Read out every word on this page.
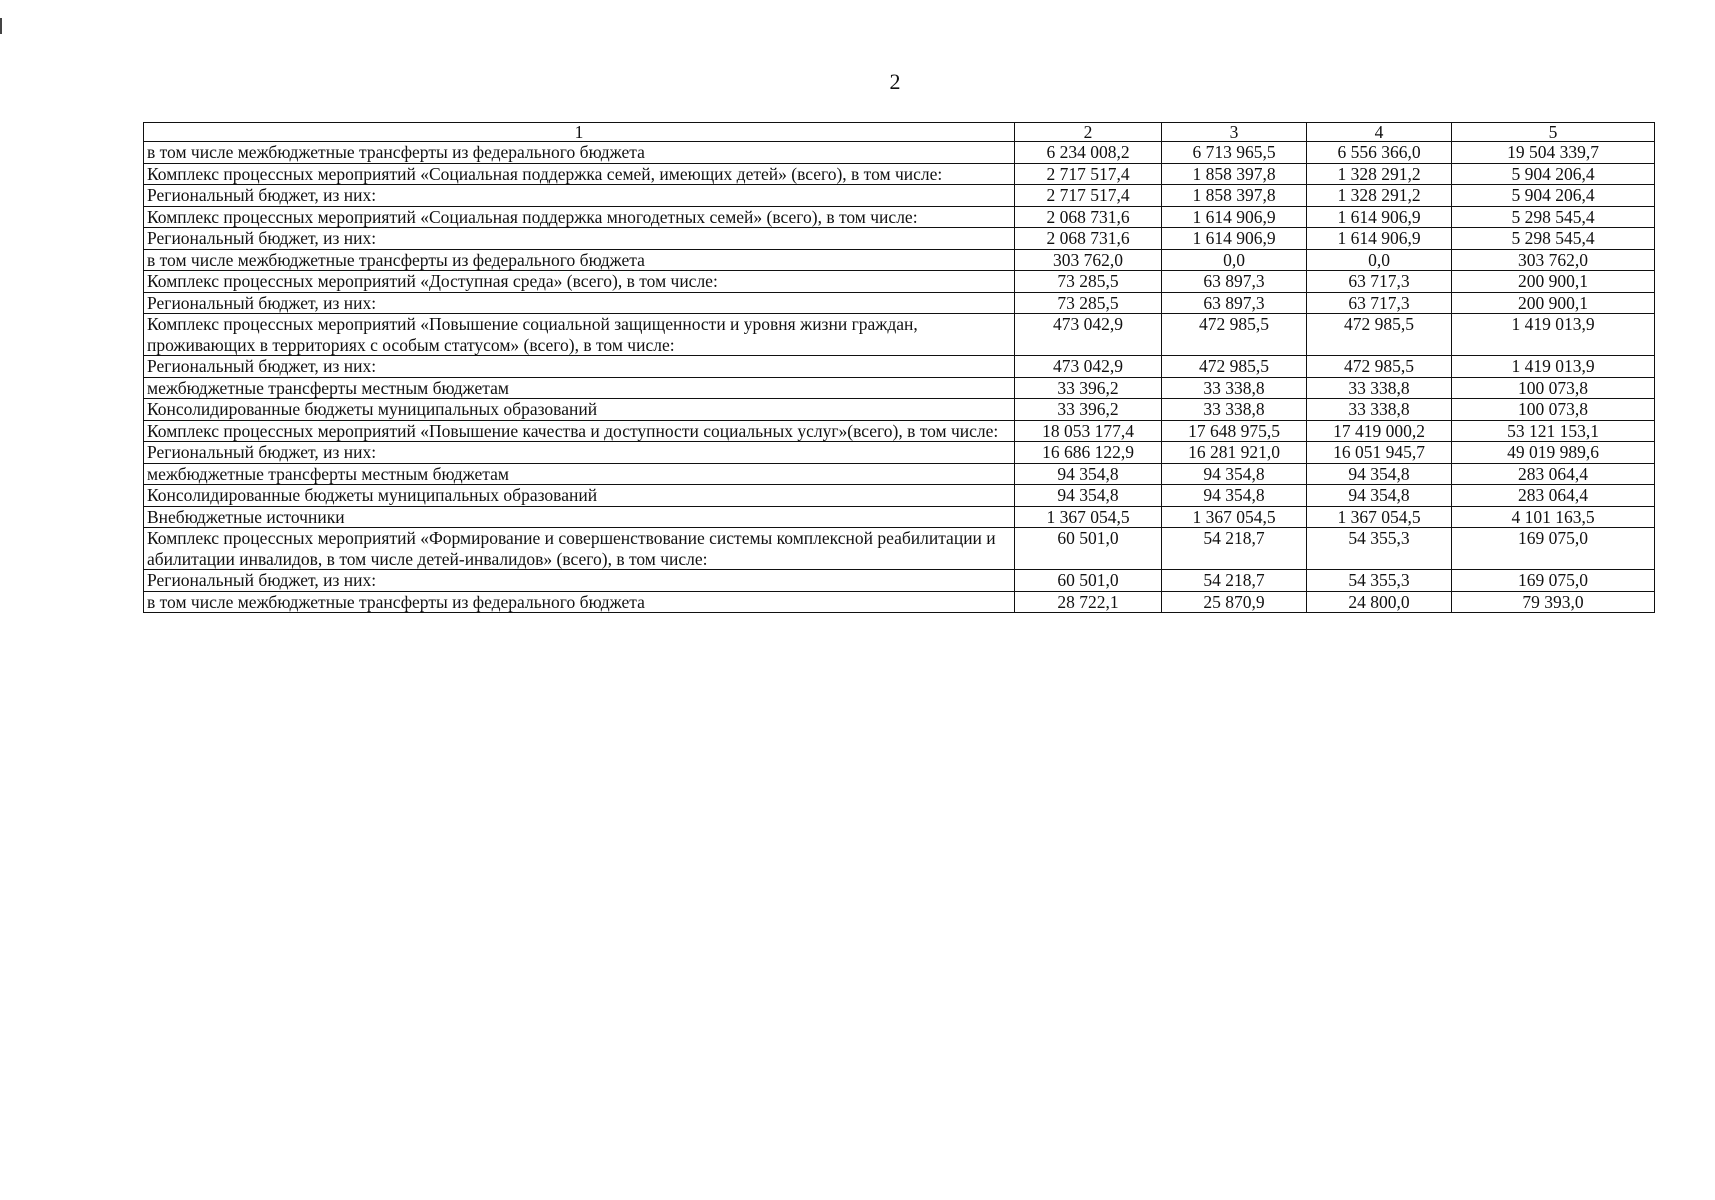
2
1	2	3	4	5
в том числе межбюджетные трансферты из федерального бюджета	6 234 008,2	6 713 965,5	6 556 366,0	19 504 339,7
Комплекс процессных мероприятий «Социальная поддержка семей, имеющих детей» (всего), в том числе:	2 717 517,4	1 858 397,8	1 328 291,2	5 904 206,4
Региональный бюджет, из них:	2 717 517,4	1 858 397,8	1 328 291,2	5 904 206,4
Комплекс процессных мероприятий «Социальная поддержка многодетных семей» (всего), в том числе:	2 068 731,6	1 614 906,9	1 614 906,9	5 298 545,4
Региональный бюджет, из них:	2 068 731,6	1 614 906,9	1 614 906,9	5 298 545,4
в том числе межбюджетные трансферты из федерального бюджета	303 762,0	0,0	0,0	303 762,0
Комплекс процессных мероприятий «Доступная среда» (всего), в том числе:	73 285,5	63 897,3	63 717,3	200 900,1
Региональный бюджет, из них:	73 285,5	63 897,3	63 717,3	200 900,1
Комплекс процессных мероприятий «Повышение социальной защищенности и уровня жизни граждан, проживающих в территориях с особым статусом» (всего), в том числе:	473 042,9	472 985,5	472 985,5	1 419 013,9
Региональный бюджет, из них:	473 042,9	472 985,5	472 985,5	1 419 013,9
межбюджетные трансферты местным бюджетам	33 396,2	33 338,8	33 338,8	100 073,8
Консолидированные бюджеты муниципальных образований	33 396,2	33 338,8	33 338,8	100 073,8
Комплекс процессных мероприятий «Повышение качества и доступности социальных услуг»(всего), в том числе:	18 053 177,4	17 648 975,5	17 419 000,2	53 121 153,1
Региональный бюджет, из них:	16 686 122,9	16 281 921,0	16 051 945,7	49 019 989,6
межбюджетные трансферты местным бюджетам	94 354,8	94 354,8	94 354,8	283 064,4
Консолидированные бюджеты муниципальных образований	94 354,8	94 354,8	94 354,8	283 064,4
Внебюджетные источники	1 367 054,5	1 367 054,5	1 367 054,5	4 101 163,5
Комплекс процессных мероприятий «Формирование и совершенствование системы комплексной реабилитации и абилитации инвалидов, в том числе детей-инвалидов» (всего), в том числе:	60 501,0	54 218,7	54 355,3	169 075,0
Региональный бюджет, из них:	60 501,0	54 218,7	54 355,3	169 075,0
в том числе межбюджетные трансферты из федерального бюджета	28 722,1	25 870,9	24 800,0	79 393,0
